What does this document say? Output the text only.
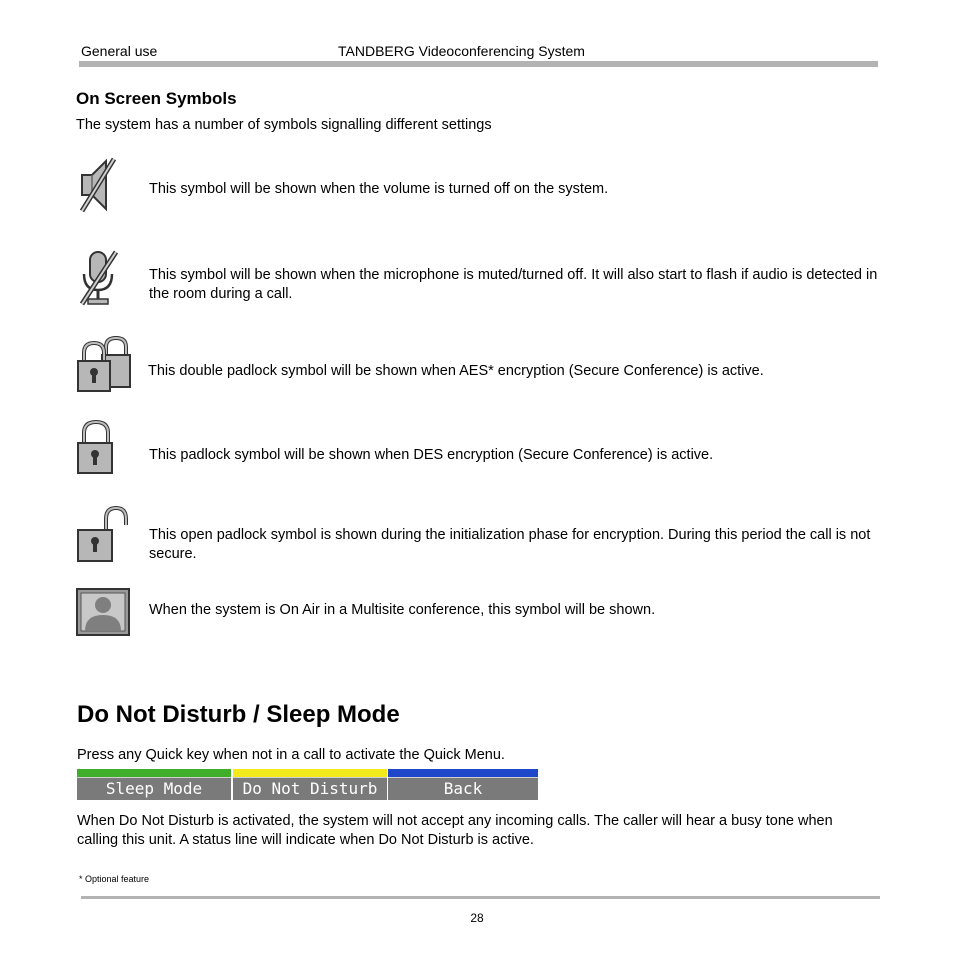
General use	TANDBERG Videoconferencing System
On Screen Symbols
The system has a number of symbols signalling different settings
This symbol will be shown when the volume is turned off on the system.
This symbol will be shown when the microphone is muted/turned off. It will also start to flash if audio is detected in the room during a call.
This double padlock symbol will be shown when AES* encryption (Secure Conference) is active.
This padlock symbol will be shown when DES encryption (Secure Conference) is active.
This open padlock symbol is shown during the initialization phase for encryption. During this period the call is not secure.
When the system is On Air in a Multisite conference, this symbol will be shown.
Do Not Disturb / Sleep Mode
Press any Quick key when not in a call to activate the Quick Menu.
Sleep Mode	Do Not Disturb	Back
When Do Not Disturb is activated, the system will not accept any incoming calls. The caller will hear a busy tone when calling this unit. A status line will indicate when Do Not Disturb is active.
* Optional feature
28
